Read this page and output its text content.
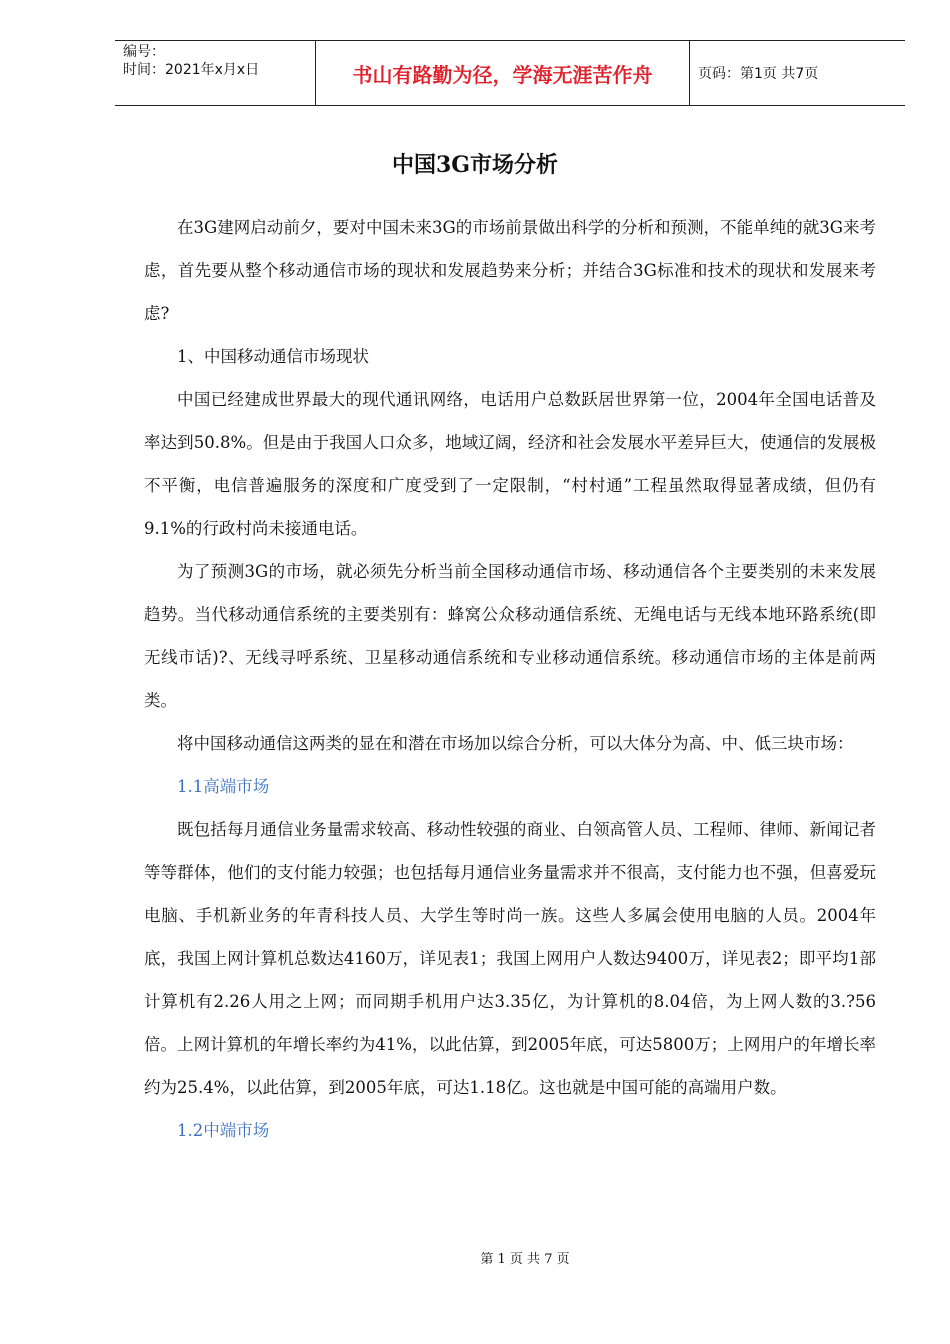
编号：
时间：2021年x月x日	书山有路勤为径，学海无涯苦作舟	页码：第1页 共7页
中国3G市场分析

在3G建网启动前夕，要对中国未来3G的市场前景做出科学的分析和预测，不能单纯的就3G来考虑，首先要从整个移动通信市场的现状和发展趋势来分析；并结合3G标准和技术的现状和发展来考虑?

1、中国移动通信市场现状

中国已经建成世界最大的现代通讯网络，电话用户总数跃居世界第一位，2004年全国电话普及率达到50.8%。但是由于我国人口众多，地域辽阔，经济和社会发展水平差异巨大，使通信的发展极不平衡，电信普遍服务的深度和广度受到了一定限制，“村村通”工程虽然取得显著成绩，但仍有9.1%的行政村尚未接通电话。

为了预测3G的市场，就必须先分析当前全国移动通信市场、移动通信各个主要类别的未来发展趋势。当代移动通信系统的主要类别有：蜂窝公众移动通信系统、无绳电话与无线本地环路系统(即无线市话)?、无线寻呼系统、卫星移动通信系统和专业移动通信系统。移动通信市场的主体是前两类。

将中国移动通信这两类的显在和潜在市场加以综合分析，可以大体分为高、中、低三块市场：

1.1高端市场

既包括每月通信业务量需求较高、移动性较强的商业、白领高管人员、工程师、律师、新闻记者等等群体，他们的支付能力较强；也包括每月通信业务量需求并不很高，支付能力也不强，但喜爱玩电脑、手机新业务的年青科技人员、大学生等时尚一族。这些人多属会使用电脑的人员。2004年底，我国上网计算机总数达4160万，详见表1；我国上网用户人数达9400万，详见表2；即平均1部计算机有2.26人用之上网；而同期手机用户达3.35亿，为计算机的8.04倍，为上网人数的3.?56倍。上网计算机的年增长率约为41%，以此估算，到2005年底，可达5800万；上网用户的年增长率约为25.4%，以此估算，到2005年底，可达1.18亿。这也就是中国可能的高端用户数。

1.2中端市场

第 1 页 共 7 页
